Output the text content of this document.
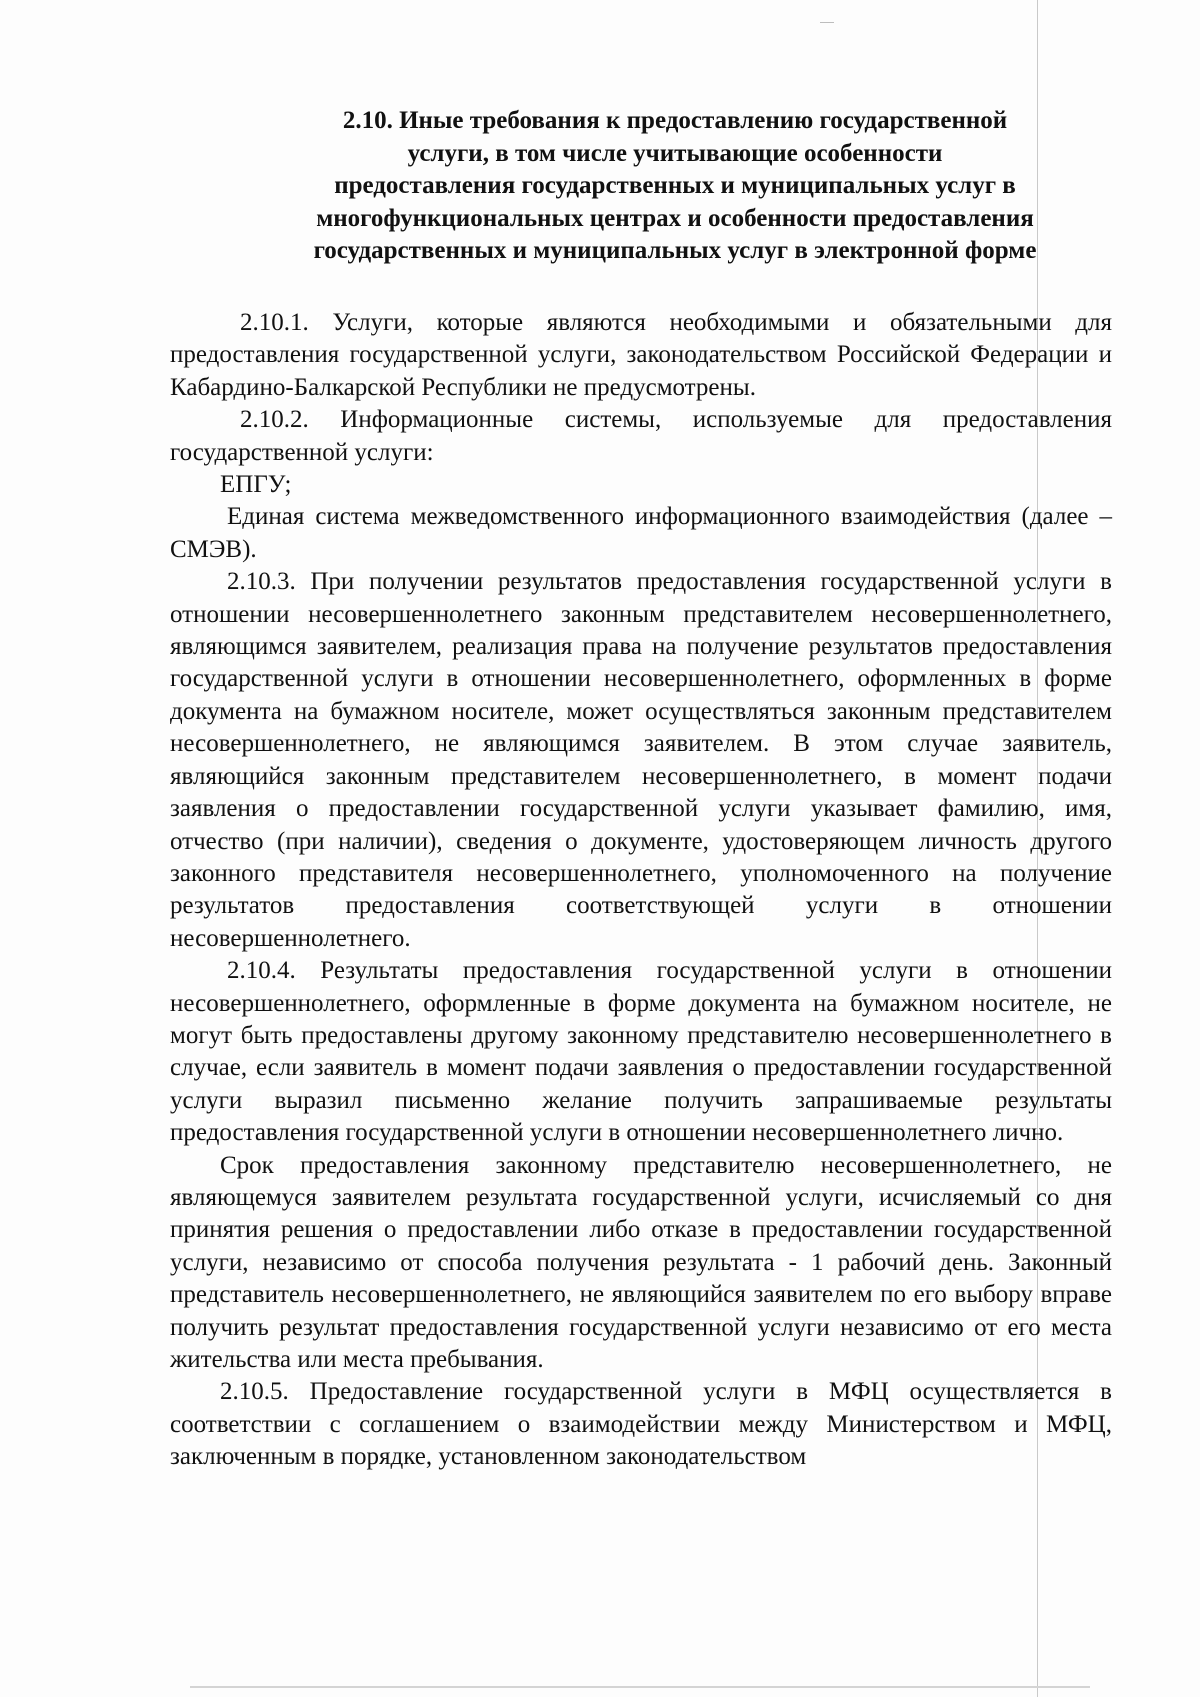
2.10. Иные требования к предоставлению государственной
услуги, в том числе учитывающие особенности
предоставления государственных и муниципальных услуг в
многофункциональных центрах и особенности предоставления
государственных и муниципальных услуг в электронной форме

2.10.1. Услуги, которые являются необходимыми и обязательными для предоставления государственной услуги, законодательством Российской Федерации и Кабардино-Балкарской Республики не предусмотрены.

2.10.2. Информационные системы, используемые для предоставления государственной услуги:

ЕПГУ;

Единая система межведомственного информационного взаимодействия (далее – СМЭВ).

2.10.3. При получении результатов предоставления государственной услуги в отношении несовершеннолетнего законным представителем несовершеннолетнего, являющимся заявителем, реализация права на получение результатов предоставления государственной услуги в отношении несовершеннолетнего, оформленных в форме документа на бумажном носителе, может осуществляться законным представителем несовершеннолетнего, не являющимся заявителем. В этом случае заявитель, являющийся законным представителем несовершеннолетнего, в момент подачи заявления о предоставлении государственной услуги указывает фамилию, имя, отчество (при наличии), сведения о документе, удостоверяющем личность другого законного представителя несовершеннолетнего, уполномоченного на получение результатов предоставления соответствующей услуги в отношении несовершеннолетнего.

2.10.4. Результаты предоставления государственной услуги в отношении несовершеннолетнего, оформленные в форме документа на бумажном носителе, не могут быть предоставлены другому законному представителю несовершеннолетнего в случае, если заявитель в момент подачи заявления о предоставлении государственной услуги выразил письменно желание получить запрашиваемые результаты предоставления государственной услуги в отношении несовершеннолетнего лично.

Срок предоставления законному представителю несовершеннолетнего, не являющемуся заявителем результата государственной услуги, исчисляемый со дня принятия решения о предоставлении либо отказе в предоставлении государственной услуги, независимо от способа получения результата - 1 рабочий день. Законный представитель несовершеннолетнего, не являющийся заявителем по его выбору вправе получить результат предоставления государственной услуги независимо от его места жительства или места пребывания.

2.10.5. Предоставление государственной услуги в МФЦ осуществляется в соответствии с соглашением о взаимодействии между Министерством и МФЦ, заключенным в порядке, установленном законодательством
